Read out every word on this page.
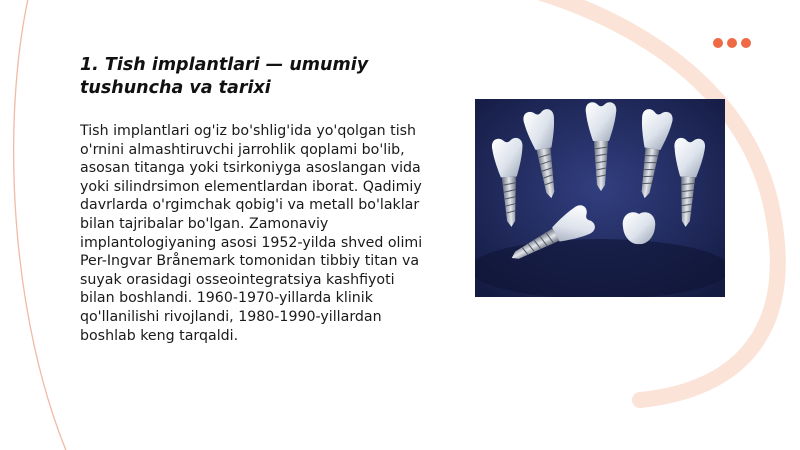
1. Tish implantlari — umumiy tushuncha va tarixi

Tish implantlari og'iz bo'shlig'ida yo'qolgan tish o'rnini almashtiruvchi jarrohlik qoplami bo'lib, asosan titanga yoki tsirkoniyga asoslangan vida yoki silindrsimon elementlardan iborat. Qadimiy davrlarda o'rgimchak qobig'i va metall bo'laklar bilan tajribalar bo'lgan. Zamonaviy implantologiyaning asosi 1952-yilda shved olimi Per-Ingvar Brånemark tomonidan tibbiy titan va suyak orasidagi osseointegratsiya kashfiyoti bilan boshlandi. 1960-1970-yillarda klinik qo'llanilishi rivojlandi, 1980-1990-yillardan boshlab keng tarqaldi.
